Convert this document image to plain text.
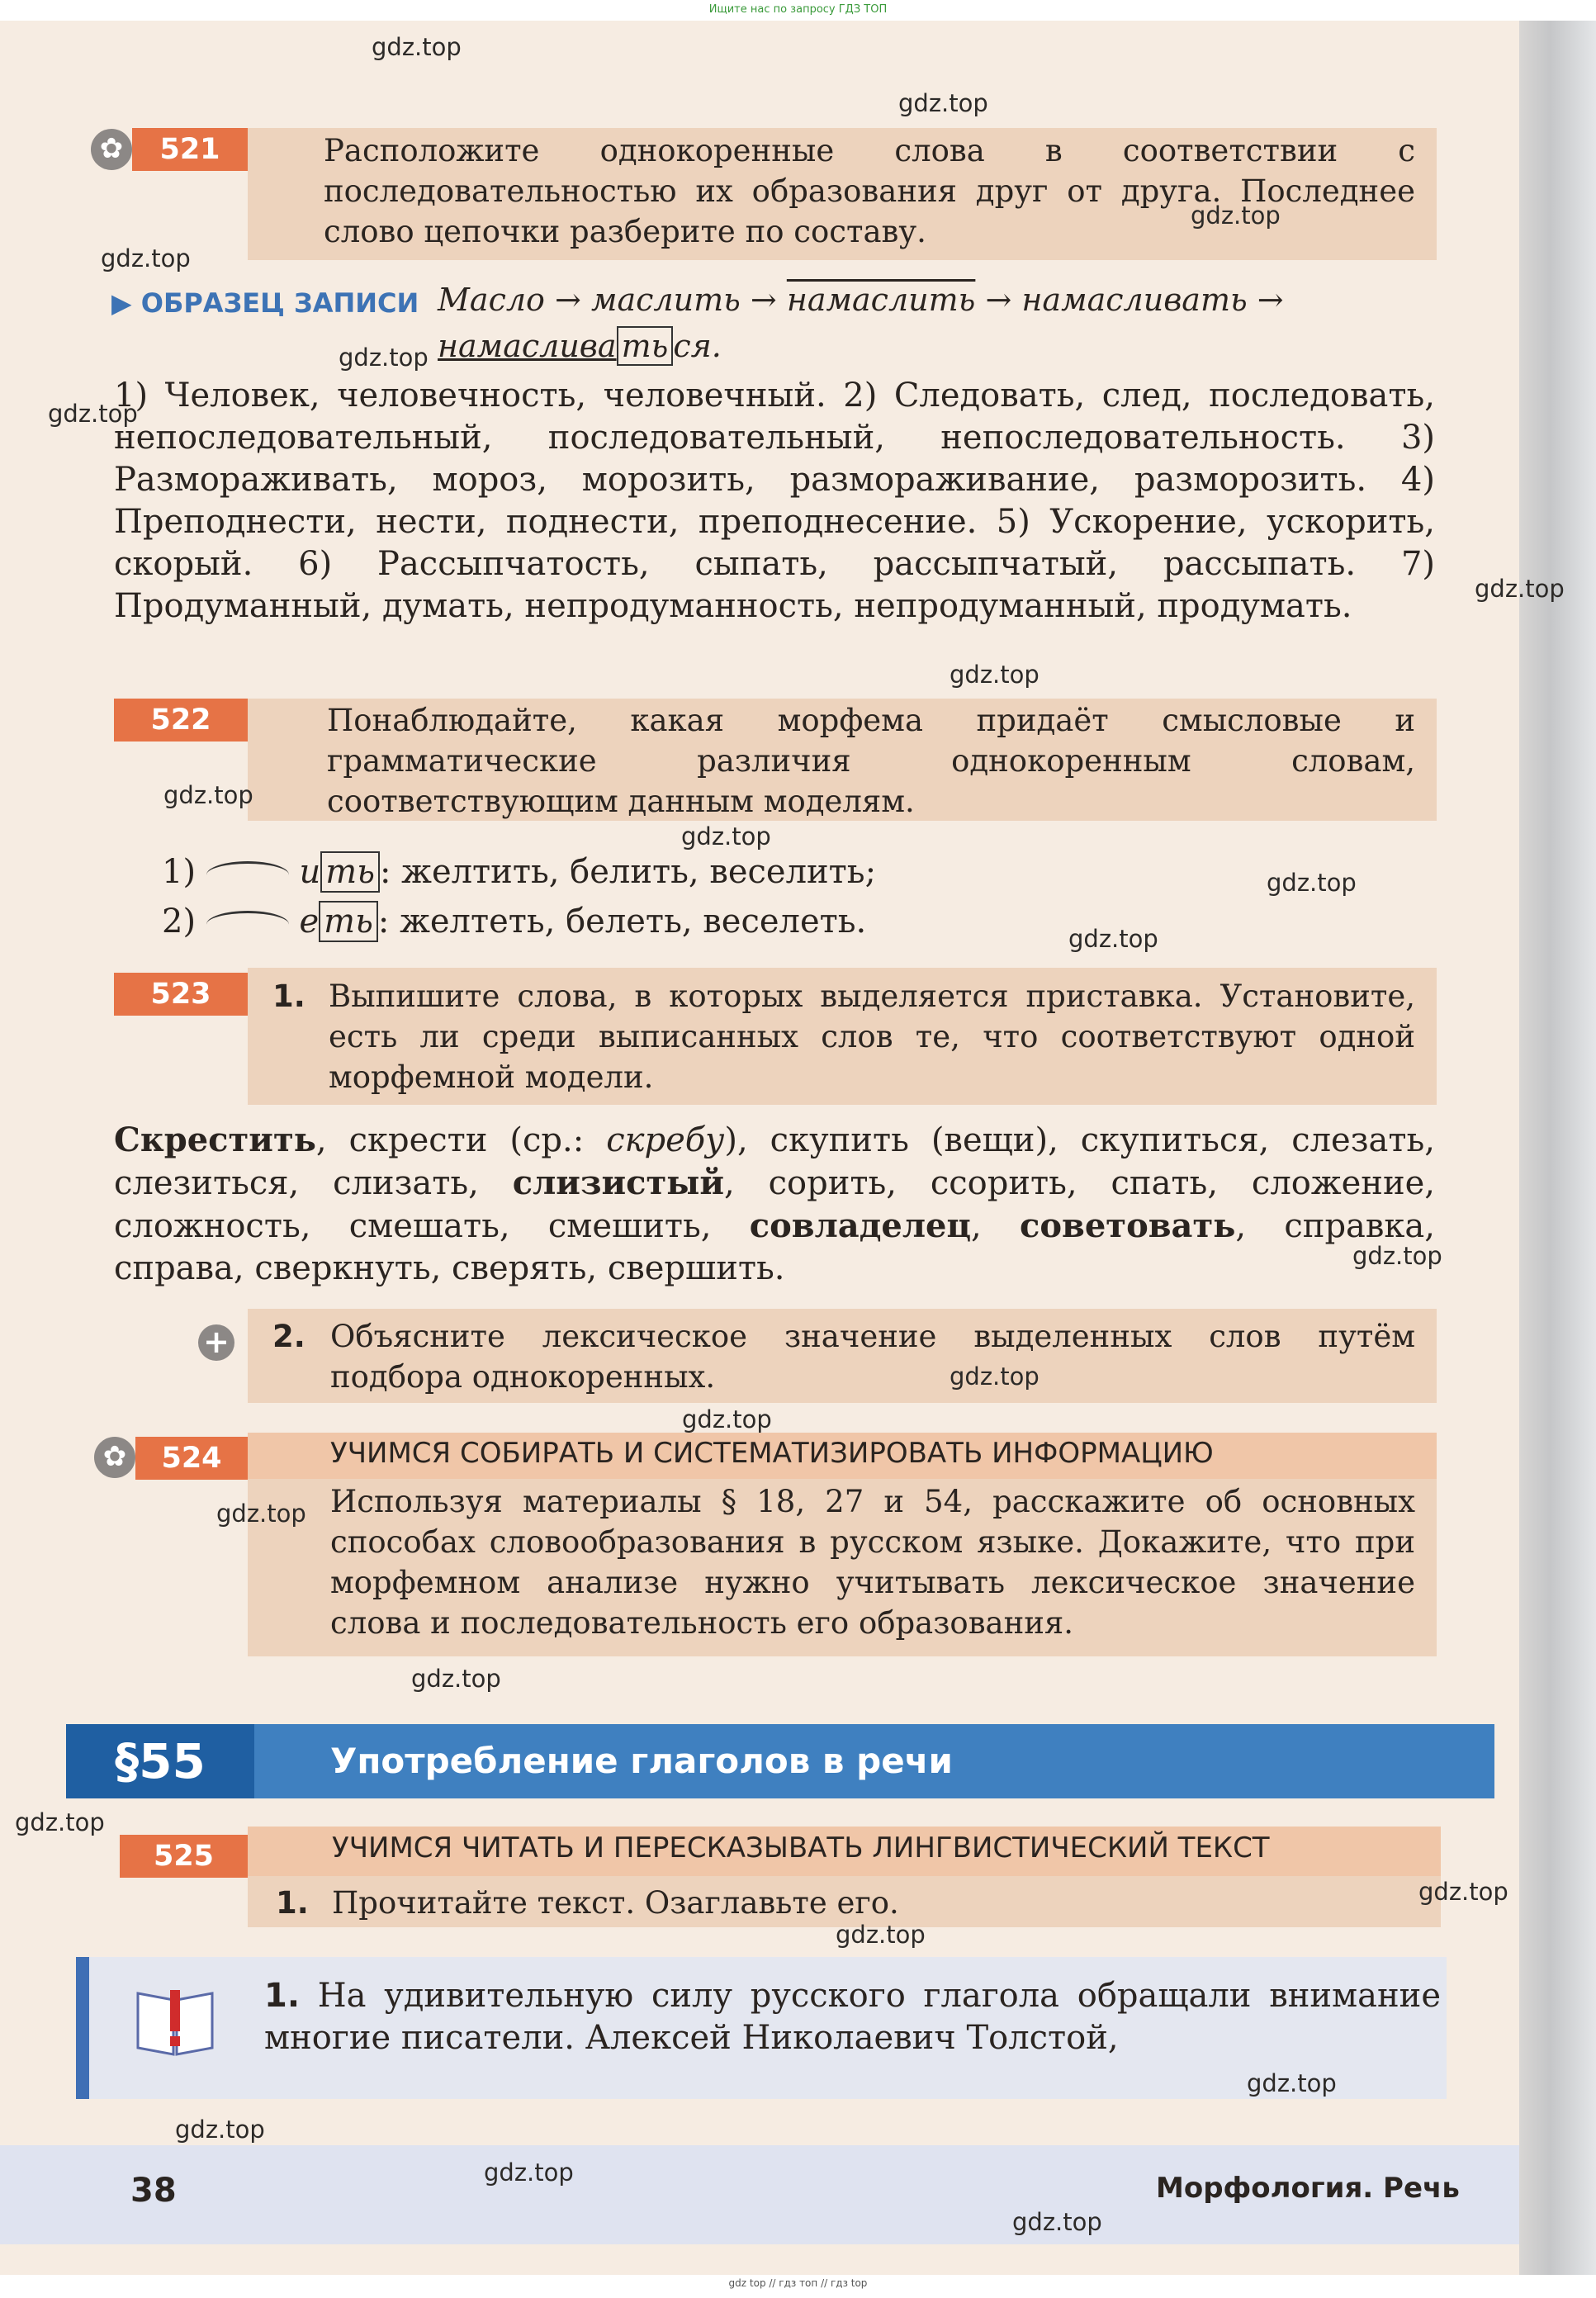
Ищите нас по запросу ГДЗ ТОП
✿	521	Расположите однокоренные слова в соответствии с последовательностью их образования друг от друга. Последнее слово цепочки разберите по составу.
▶ ОБРАЗЕЦ ЗАПИСИ Масло → маслить → намаслить → намасливать →
намаслива ть ся.
1) Человек, человечность, человечный. 2) Следовать, след, последовать, непоследовательный, последовательный, непоследовательность. 3) Размораживать, мороз, морозить, размораживание, разморозить. 4) Преподнести, нести, поднести, преподнесение. 5) Ускорение, ускорить, скорый. 6) Рассыпчатость, сыпать, рассыпчатый, рассыпать. 7) Продуманный, думать, непродуманность, непродуманный, продумать.
522	Понаблюдайте, какая морфема придаёт смысловые и грамматические различия однокоренным словам, соответствующим данным моделям.
1)	и ть : желтить, белить, веселить;
2)	е ть : желтеть, белеть, веселеть.
523	1. Выпишите слова, в которых выделяется приставка. Установите, есть ли среди выписанных слов те, что соответствуют одной морфемной модели.
Скрестить, скрести (ср.: скребу), скупить (вещи), скупиться, слезать, слезиться, слизать, слизистый, сорить, ссорить, спать, сложение, сложность, смешать, смешить, совладелец, советовать, справка, справа, сверкнуть, сверять, свершить.
+ 2. Объясните лексическое значение выделенных слов путём подбора однокоренных.
✿	524	УЧИМСЯ СОБИРАТЬ И СИСТЕМАТИЗИРОВАТЬ ИНФОРМАЦИЮ
Используя материалы § 18, 27 и 54, расскажите об основных способах словообразования в русском языке. Докажите, что при морфемном анализе нужно учитывать лексическое значение слова и последовательность его образования.
§55	Употребление глаголов в речи
525	УЧИМСЯ ЧИТАТЬ И ПЕРЕСКАЗЫВАТЬ ЛИНГВИСТИЧЕСКИЙ ТЕКСТ
1. Прочитайте текст. Озаглавьте его.
1. На удивительную силу русского глагола обращали внимание многие писатели. Алексей Николаевич Толстой,
38	Морфология. Речь
gdz.top
gdz.top
gdz.top
gdz.top
gdz.top
gdz.top
gdz.top
gdz.top
gdz.top
gdz.top
gdz.top
gdz.top
gdz.top
gdz.top
gdz.top
gdz.top
gdz.top
gdz.top
gdz.top
gdz.top
gdz.top
gdz.top
gdz.top
gdz.top
gdz top // гдз топ // гдз top
